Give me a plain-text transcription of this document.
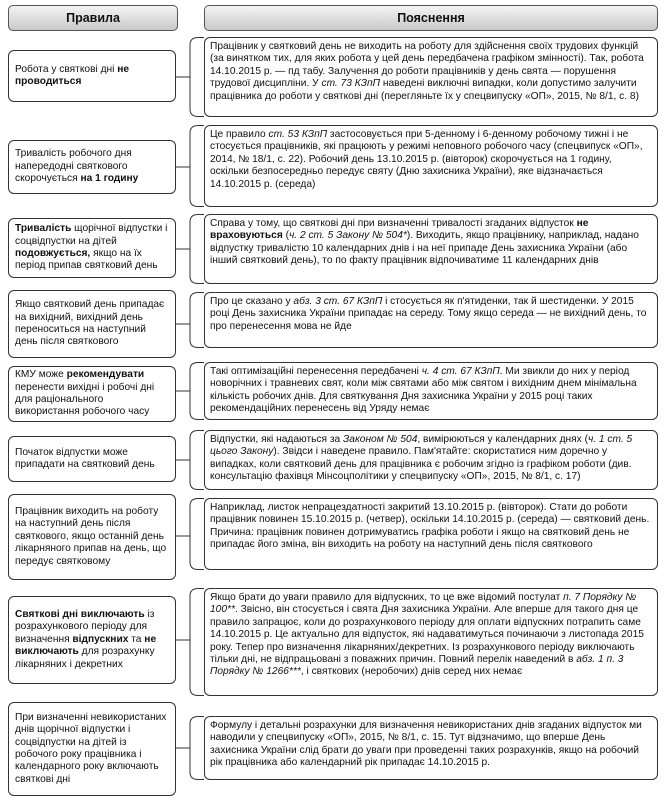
Правила	Пояснення
Робота у святкові дні не проводиться
Працівник у святковий день не виходить на роботу для здійснення своїх трудових функцій (за винятком тих, для яких робота у цей день передбачена графіком змінності). Так, робота 14.10.2015 р. — пд табу. Залучення до роботи працівників у день свята — порушення трудової дисципліни. У ст. 73 КЗпП наведені виключні випадки, коли допустимо залучити працівника до роботи у святкові дні (перегляньте їх у спецвипуску «ОП», 2015, № 8/1, с. 8)
Тривалість робочого дня напередодні святкового скорочується на 1 годину
Це правило ст. 53 КЗпП застосовується при 5-денному і 6-денному робочому тижні і не стосується працівників, які працюють у режимі неповного робочого часу (спецвипуск «ОП», 2014, № 18/1, с. 22). Робочий день 13.10.2015 р. (вівторок) скорочується на 1 годину, оскільки безпосередньо передує святу (Дню захисника України), яке відзначається 14.10.2015 р. (середа)
Тривалість щорічної відпустки і соцвідпустки на дітей подовжується, якщо на їх період припав святковий день
Справа у тому, що святкові дні при визначенні тривалості згаданих відпусток не враховуються (ч. 2 ст. 5 Закону № 504*). Виходить, якщо працівнику, наприклад, надано відпустку тривалістю 10 календарних днів і на неї припаде День захисника України (або інший святковий день), то по факту працівник відпочиватиме 11 календарних днів
Якщо святковий день припадає на вихідний, вихідний день переноситься на наступний день після святкового
Про це сказано у абз. 3 ст. 67 КЗпП і стосується як п'ятиденки, так й шестиденки. У 2015 році День захисника України припадає на середу. Тому якщо середа — не вихідний день, то про перенесення мова не йде
КМУ може рекомендувати перенести вихідні і робочі дні для раціонального використання робочого часу
Такі оптимізаційні перенесення передбачені ч. 4 ст. 67 КЗпП. Ми звикли до них у період новорічних і травневих свят, коли між святами або між святом і вихідним днем мінімальна кількість робочих днів. Для святкування Дня захисника України у 2015 році таких рекомендаційних перенесень від Уряду немає
Початок відпустки може припадати на святковий день
Відпустки, які надаються за Законом № 504, вимірюються у календарних днях (ч. 1 ст. 5 цього Закону). Звідси і наведене правило. Пам'ятайте: скористатися ним доречно у випадках, коли святковий день для працівника є робочим згідно із графіком роботи (див. консультацію фахівця Мінсоцполітики у спецвипуску «ОП», 2015, № 8/1, с. 17)
Працівник виходить на роботу на наступний день після святкового, якщо останній день лікарняного припав на день, що передує святковому
Наприклад, листок непрацездатності закритий 13.10.2015 р. (вівторок). Стати до роботи працівник повинен 15.10.2015 р. (четвер), оскільки 14.10.2015 р. (середа) — святковий день. Причина: працівник повинен дотримуватись графіка роботи і якщо на святковий день не припадає його зміна, він виходить на роботу на наступний день після святкового
Святкові дні виключають із розрахункового періоду для визначення відпускних та не виключають для розрахунку лікарняних і декретних
Якщо брати до уваги правило для відпускних, то це вже відомий постулат п. 7 Порядку № 100**. Звісно, він стосується і свята Дня захисника України. Але вперше для такого дня це правило запрацює, коли до розрахункового періоду для оплати відпускних потрапить саме 14.10.2015 р. Це актуально для відпусток, які надаватимуться починаючи з листопада 2015 року. Тепер про визначення лікарняних/декретних. Із розрахункового періоду виключають тільки дні, не відпрацьовані з поважних причин. Повний перелік наведений в абз. 1 п. 3 Порядку № 1266***, і святкових (неробочих) днів серед них немає
При визначенні невикористаних днів щорічної відпустки і соцвідпустки на дітей із робочого року працівника і календарного року включають святкові дні
Формулу і детальні розрахунки для визначення невикористаних днів згаданих відпусток ми наводили у спецвипуску «ОП», 2015, № 8/1, с. 15. Тут відзначимо, що вперше День захисника України слід брати до уваги при проведенні таких розрахунків, якщо на робочий рік працівника або календарний рік припадає 14.10.2015 р.
